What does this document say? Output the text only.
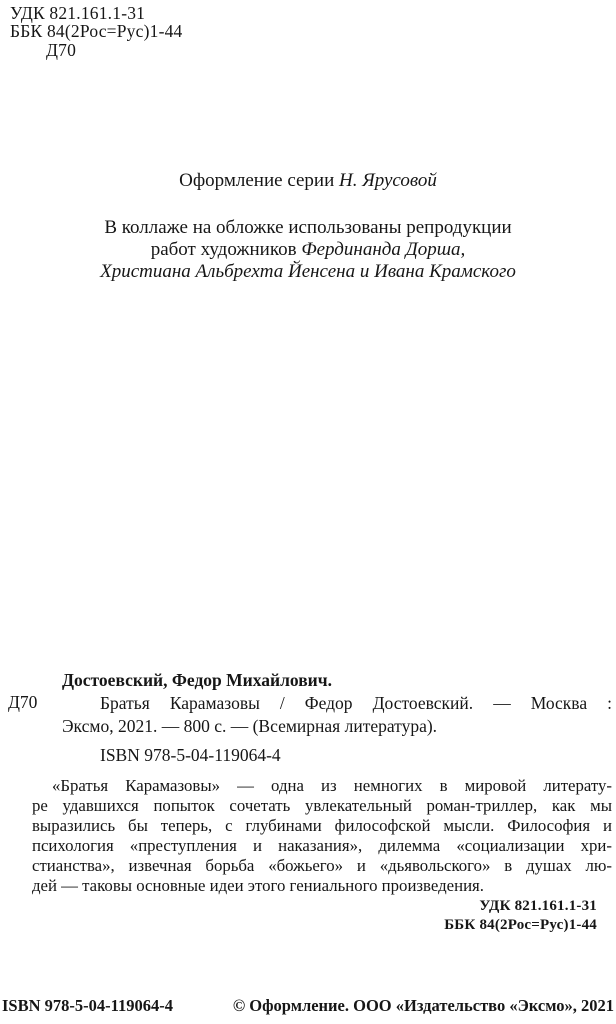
УДК 821.161.1-31
ББК 84(2Рос=Рус)1-44
Д70
Оформление серии Н. Ярусовой
В коллаже на обложке использованы репродукции
работ художников Фердинанда Дорша,
Христиана Альбрехта Йенсена и Ивана Крамского
Достоевский, Федор Михайлович.
Д70	Братья Карамазовы / Федор Достоевский. — Москва :
Эксмо, 2021. — 800 с. — (Всемирная литература).
ISBN 978-5-04-119064-4
«Братья Карамазовы» — одна из немногих в мировой литерату-
ре удавшихся попыток сочетать увлекательный роман-триллер, как мы
выразились бы теперь, с глубинами философской мысли. Философия и
психология «преступления и наказания», дилемма «социализации хри-
стианства», извечная борьба «божьего» и «дьявольского» в душах лю-
дей — таковы основные идеи этого гениального произведения.
УДК 821.161.1-31
ББК 84(2Рос=Рус)1-44
ISBN 978-5-04-119064-4	© Оформление. ООО «Издательство «Эксмо», 2021
